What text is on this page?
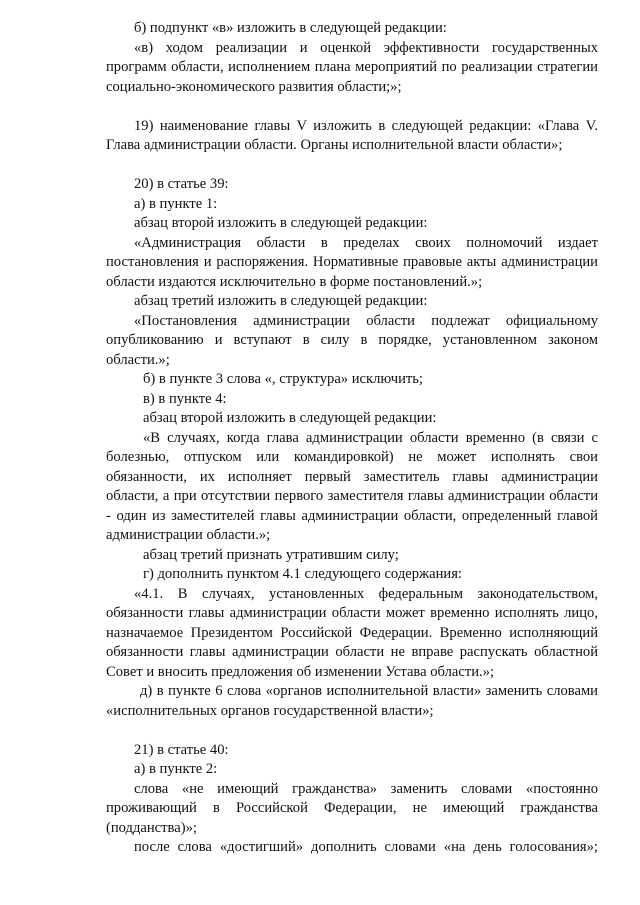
б) подпункт «в» изложить в следующей редакции:
«в) ходом реализации и оценкой эффективности государственных программ области, исполнением плана мероприятий по реализации стратегии социально-экономического развития области;»;
19) наименование главы V изложить в следующей редакции: «Глава V. Глава администрации области. Органы исполнительной власти области»;
20) в статье 39:
а) в пункте 1:
абзац второй изложить в следующей редакции:
«Администрация области в пределах своих полномочий издает постановления и распоряжения. Нормативные правовые акты администрации области издаются исключительно в форме постановлений.»;
абзац третий изложить в следующей редакции:
«Постановления администрации области подлежат официальному опубликованию и вступают в силу в порядке, установленном законом области.»;
б) в пункте 3 слова «, структура» исключить;
в) в пункте 4:
абзац второй изложить в следующей редакции:
«В случаях, когда глава администрации области временно (в связи с болезнью, отпуском или командировкой) не может исполнять свои обязанности, их исполняет первый заместитель главы администрации области, а при отсутствии первого заместителя главы администрации области - один из заместителей главы администрации области, определенный главой администрации области.»;
абзац третий признать утратившим силу;
г) дополнить пунктом 4.1 следующего содержания:
«4.1. В случаях, установленных федеральным законодательством, обязанности главы администрации области может временно исполнять лицо, назначаемое Президентом Российской Федерации. Временно исполняющий обязанности главы администрации области не вправе распускать областной Совет и вносить предложения об изменении Устава области.»;
д) в пункте 6 слова «органов исполнительной власти» заменить словами «исполнительных органов государственной власти»;
21) в статье 40:
а) в пункте 2:
слова «не имеющий гражданства» заменить словами «постоянно проживающий в Российской Федерации, не имеющий гражданства (подданства)»;
после слова «достигший» дополнить словами «на день голосования»;
